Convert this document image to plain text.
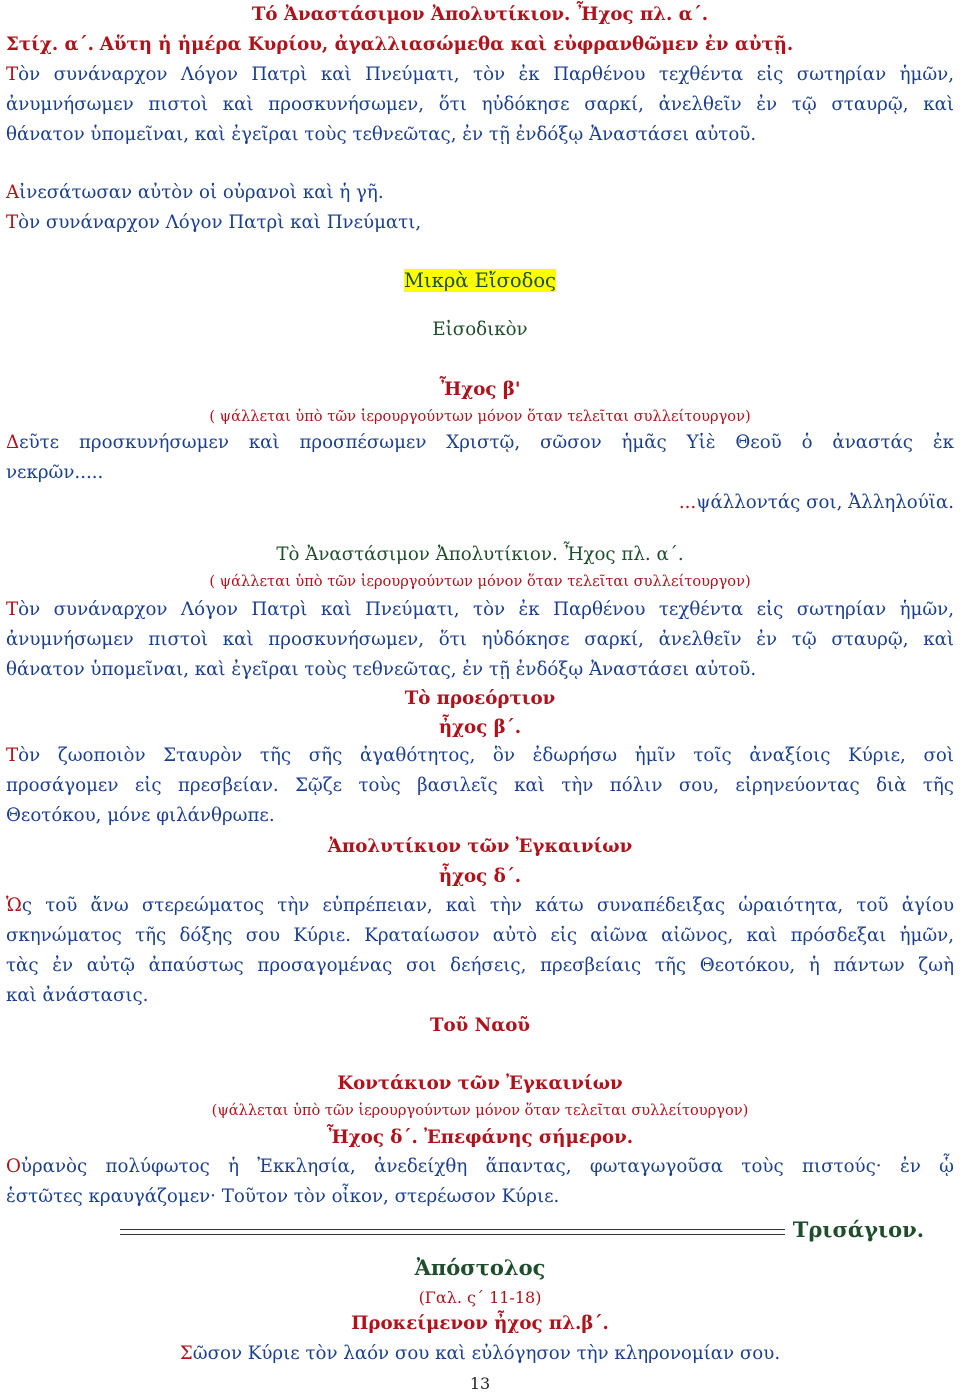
Τό Ἀναστάσιμον Ἀπολυτίκιον. Ἦχος πλ. α΄.
Στίχ. α΄. Αὕτη ἡ ἡμέρα Κυρίου, ἀγαλλιασώμεθα καὶ εὐφρανθῶμεν ἐν αὐτῇ.
Τὸν συνάναρχον Λόγον Πατρὶ καὶ Πνεύματι, τὸν ἐκ Παρθένου τεχθέντα εἰς σωτηρίαν ἡμῶν,
ἀνυμνήσωμεν πιστοὶ καὶ προσκυνήσωμεν, ὅτι ηὐδόκησε σαρκί, ἀνελθεῖν ἐν τῷ σταυρῷ, καὶ
θάνατον ὑπομεῖναι, καὶ ἐγεῖραι τοὺς τεθνεῶτας, ἐν τῇ ἐνδόξῳ Ἀναστάσει αὐτοῦ.
Αἰνεσάτωσαν αὐτὸν οἱ οὐρανοὶ καὶ ἡ γῆ.
Τὸν συνάναρχον Λόγον Πατρὶ καὶ Πνεύματι,
Μικρὰ Εἴσοδος
Εἰσοδικὸν
Ἦχος β'
( ψάλλεται ὑπὸ τῶν ἱερουργούντων μόνον ὅταν τελεῖται συλλείτουργον)
Δεῦτε προσκυνήσωμεν καὶ προσπέσωμεν Χριστῷ, σῶσον ἡμᾶς Υἱὲ Θεοῦ ὁ ἀναστάς ἐκ
νεκρῶν.....
...ψάλλοντάς σοι, Ἀλληλούϊα.
Τὸ Ἀναστάσιμον Ἀπολυτίκιον. Ἦχος πλ. α΄.
( ψάλλεται ὑπὸ τῶν ἱερουργούντων μόνον ὅταν τελεῖται συλλείτουργον)
Τὸν συνάναρχον Λόγον Πατρὶ καὶ Πνεύματι, τὸν ἐκ Παρθένου τεχθέντα εἰς σωτηρίαν ἡμῶν,
ἀνυμνήσωμεν πιστοὶ καὶ προσκυνήσωμεν, ὅτι ηὐδόκησε σαρκί, ἀνελθεῖν ἐν τῷ σταυρῷ, καὶ
θάνατον ὑπομεῖναι, καὶ ἐγεῖραι τοὺς τεθνεῶτας, ἐν τῇ ἐνδόξῳ Ἀναστάσει αὐτοῦ.
Τὸ προεόρτιον
ἦχος β΄.
Τὸν ζωοποιὸν Σταυρὸν τῆς σῆς ἀγαθότητος, ὃν ἐδωρήσω ἡμῖν τοῖς ἀναξίοις Κύριε, σοὶ
προσάγομεν εἰς πρεσβείαν. Σῷζε τοὺς βασιλεῖς καὶ τὴν πόλιν σου, εἰρηνεύοντας διὰ τῆς
Θεοτόκου, μόνε φιλάνθρωπε.
Ἀπολυτίκιον τῶν Ἐγκαινίων
ἦχος δ΄.
Ὡς τοῦ ἄνω στερεώματος τὴν εὐπρέπειαν, καὶ τὴν κάτω συναπέδειξας ὡραιότητα, τοῦ ἁγίου
σκηνώματος τῆς δόξης σου Κύριε. Κραταίωσον αὐτὸ εἰς αἰῶνα αἰῶνος, καὶ πρόσδεξαι ἡμῶν,
τὰς ἐν αὐτῷ ἀπαύστως προσαγομένας σοι δεήσεις, πρεσβείαις τῆς Θεοτόκου, ἡ πάντων ζωὴ
καὶ ἀνάστασις.
Τοῦ Ναοῦ
Κοντάκιον τῶν Ἐγκαινίων
(ψάλλεται ὑπὸ τῶν ἱερουργούντων μόνον ὅταν τελεῖται συλλείτουργον)
Ἦχος δ΄. Ἐπεφάνης σήμερον.
Οὐρανὸς πολύφωτος ἡ Ἐκκλησία, ἀνεδείχθη ἅπαντας, φωταγωγοῦσα τοὺς πιστούς· ἐν ᾧ
ἑστῶτες κραυγάζομεν· Τοῦτον τὸν οἶκον, στερέωσον Κύριε.
Τρισάγιον.
Ἀπόστολος
(Γαλ. ς΄ 11-18)
Προκείμενον ἦχος πλ.β΄.
Σῶσον Κύριε τὸν λαόν σου καὶ εὐλόγησον τὴν κληρονομίαν σου.
13
